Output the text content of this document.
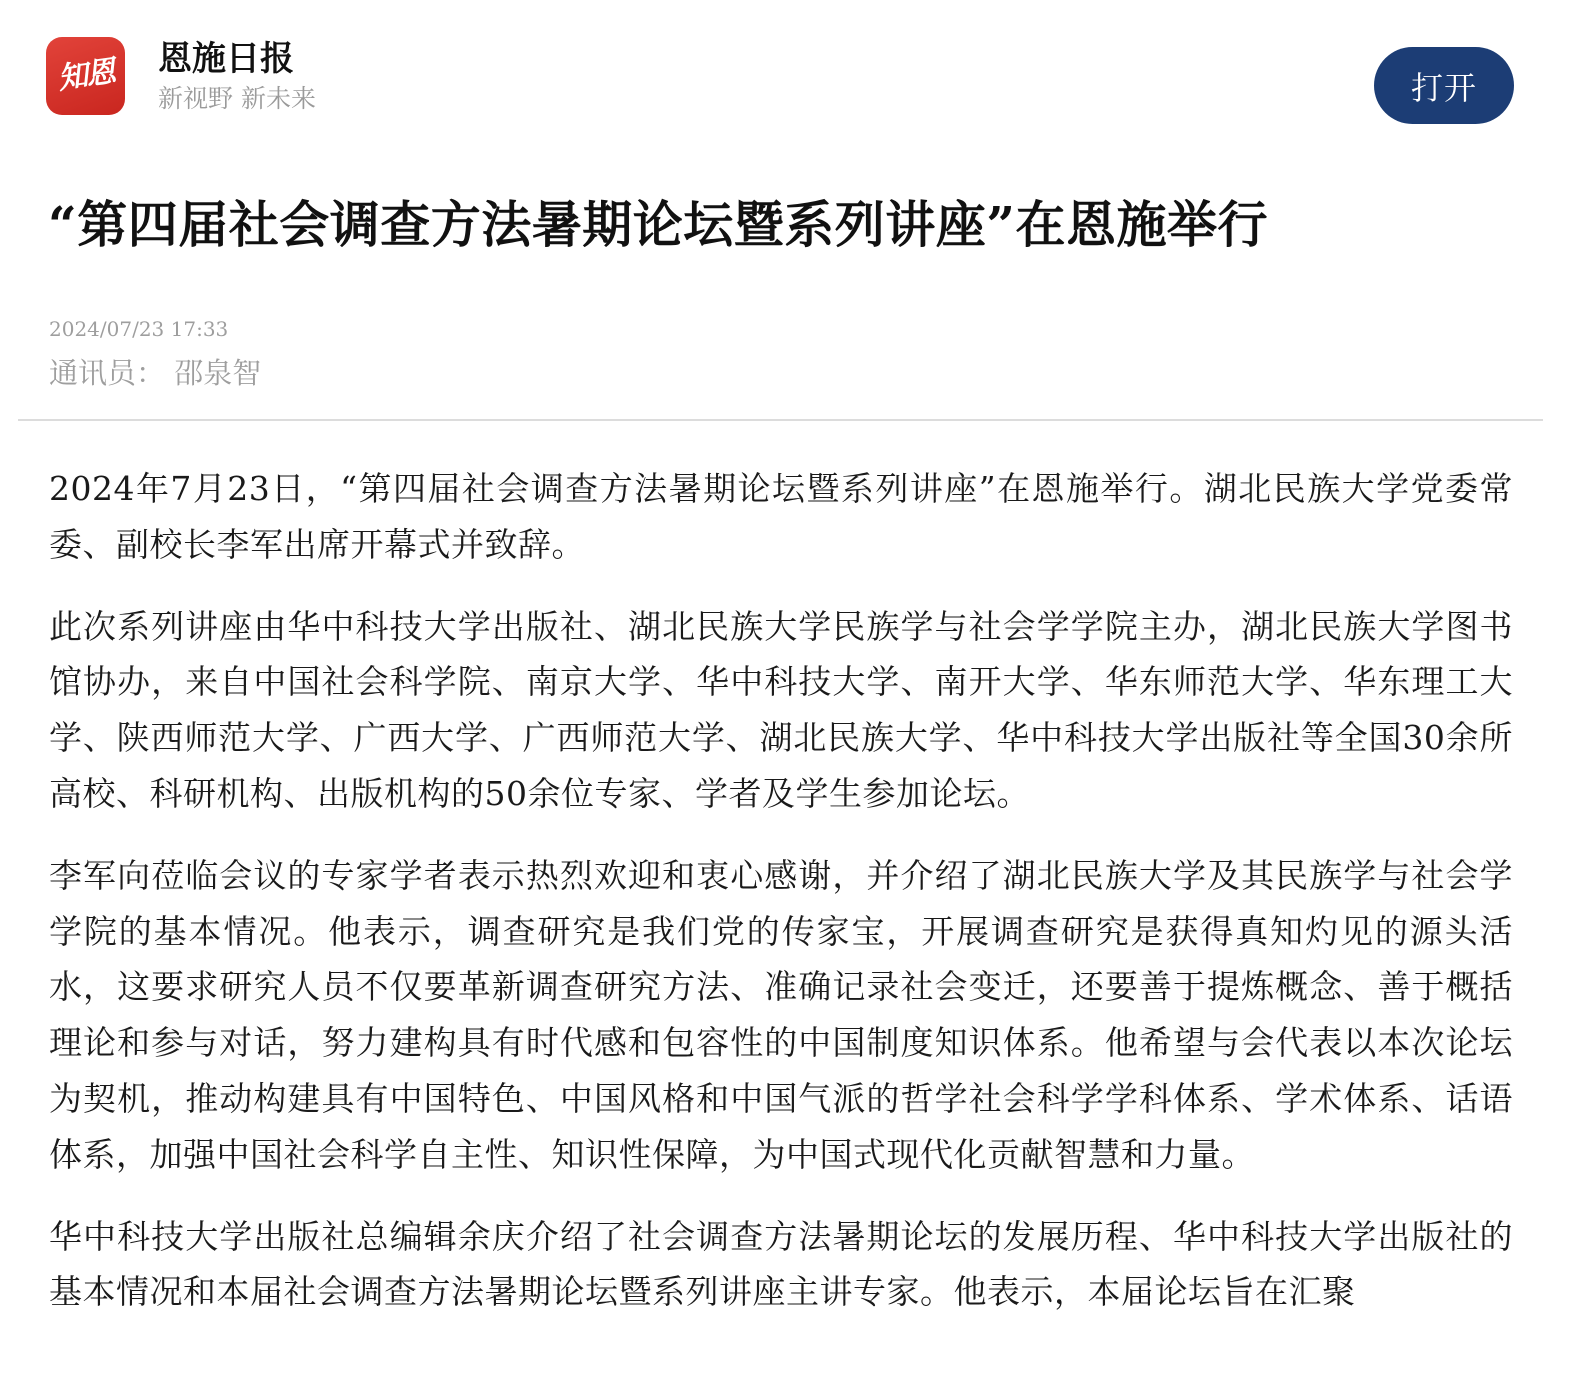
知恩 恩施日报
新视野 新未来	打开
“第四届社会调查方法暑期论坛暨系列讲座”在恩施举行
2024/07/23 17:33
通讯员： 邵泉智

2024年7月23日，“第四届社会调查方法暑期论坛暨系列讲座”在恩施举行。湖北民族大学党委常委、副校长李军出席开幕式并致辞。

此次系列讲座由华中科技大学出版社、湖北民族大学民族学与社会学学院主办，湖北民族大学图书馆协办，来自中国社会科学院、南京大学、华中科技大学、南开大学、华东师范大学、华东理工大学、陕西师范大学、广西大学、广西师范大学、湖北民族大学、华中科技大学出版社等全国30余所高校、科研机构、出版机构的50余位专家、学者及学生参加论坛。

李军向莅临会议的专家学者表示热烈欢迎和衷心感谢，并介绍了湖北民族大学及其民族学与社会学学院的基本情况。他表示，调查研究是我们党的传家宝，开展调查研究是获得真知灼见的源头活水，这要求研究人员不仅要革新调查研究方法、准确记录社会变迁，还要善于提炼概念、善于概括理论和参与对话，努力建构具有时代感和包容性的中国制度知识体系。他希望与会代表以本次论坛为契机，推动构建具有中国特色、中国风格和中国气派的哲学社会科学学科体系、学术体系、话语体系，加强中国社会科学自主性、知识性保障，为中国式现代化贡献智慧和力量。

华中科技大学出版社总编辑余庆介绍了社会调查方法暑期论坛的发展历程、华中科技大学出版社的基本情况和本届社会调查方法暑期论坛暨系列讲座主讲专家。他表示，本届论坛旨在汇聚
